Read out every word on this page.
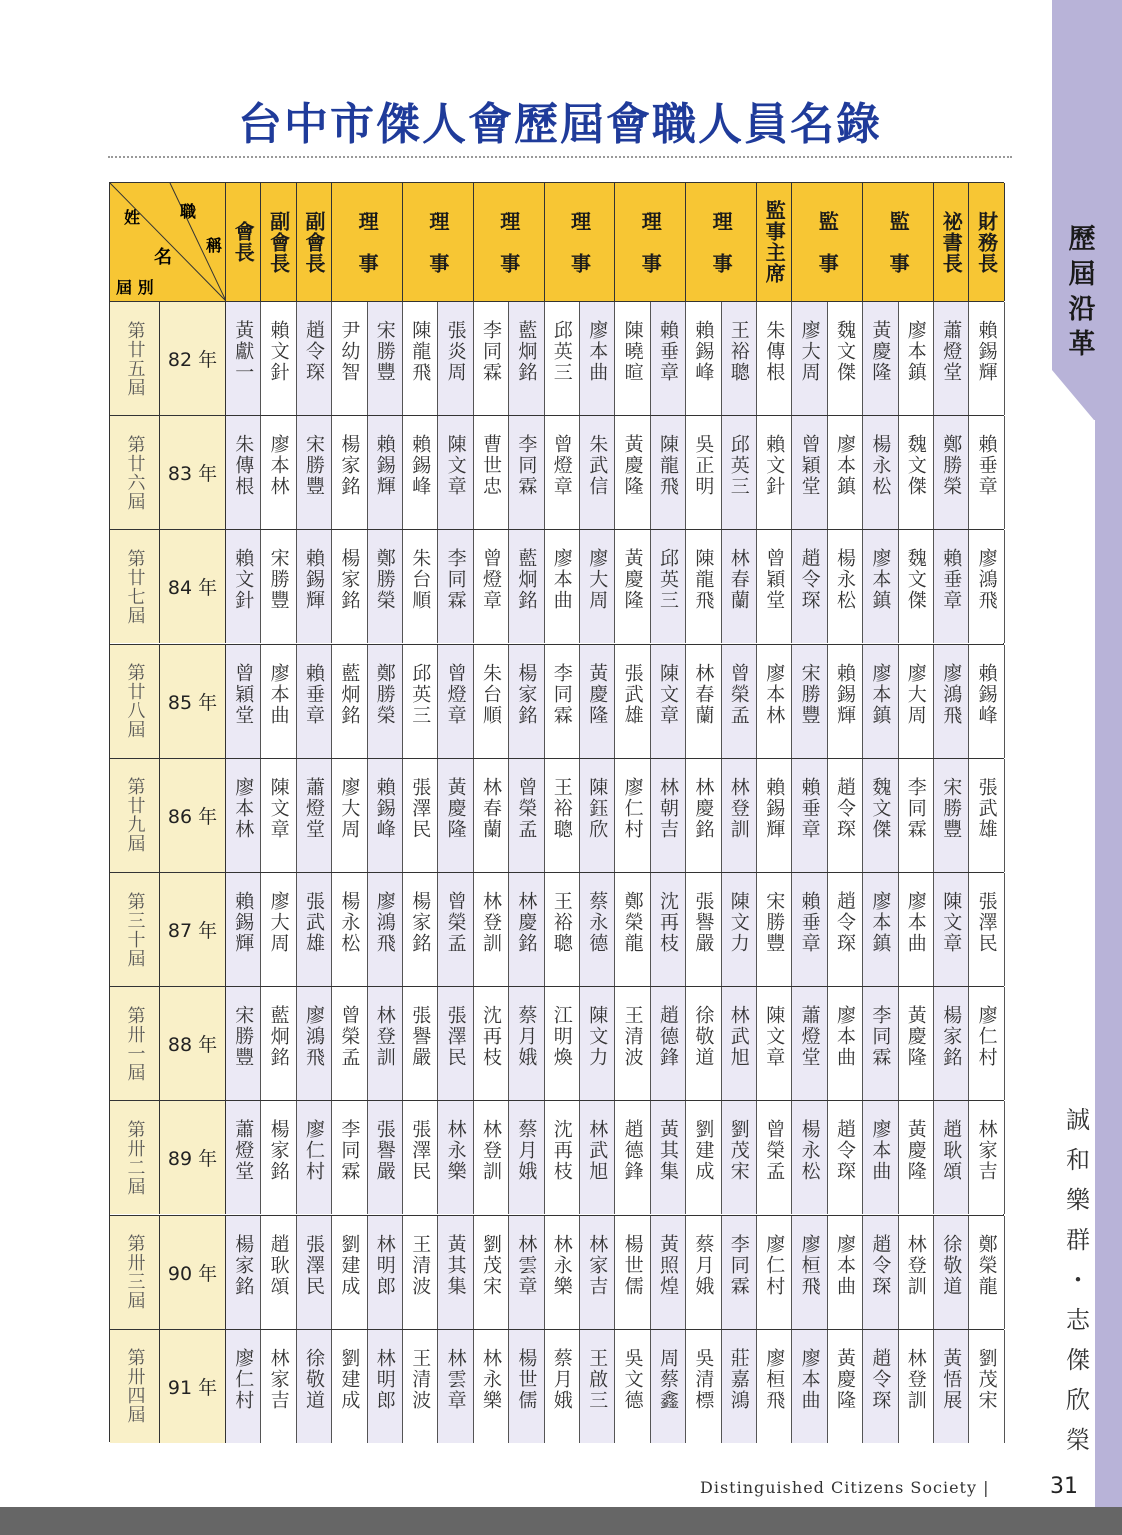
歷屆沿革
誠
和
樂
群
・
志
傑
欣
榮
台中市傑人會歷屆會職人員名錄
姓 職
名
稱
屆 別
會長 副會長 副會長 理　事 理　事 理　事 理　事 理　事 理　事 監事主席 監　事 監　事 祕書長 財務長
第廿五屆	82 年 黃獻一 賴文針 趙令琛 尹幼智 宋勝豐 陳龍飛 張炎周 李同霖 藍炯銘 邱英三 廖本曲 陳曉暄 賴垂章 賴錫峰 王裕聰 朱傳根 廖大周 魏文傑 黃慶隆 廖本鎮 蕭燈堂 賴錫輝
第廿六屆	83 年 朱傳根 廖本林 宋勝豐 楊家銘 賴錫輝 賴錫峰 陳文章 曹世忠 李同霖 曾燈章 朱武信 黃慶隆 陳龍飛 吳正明 邱英三 賴文針 曾穎堂 廖本鎮 楊永松 魏文傑 鄭勝榮 賴垂章
第廿七屆	84 年 賴文針 宋勝豐 賴錫輝 楊家銘 鄭勝榮 朱台順 李同霖 曾燈章 藍炯銘 廖本曲 廖大周 黃慶隆 邱英三 陳龍飛 林春蘭 曾穎堂 趙令琛 楊永松 廖本鎮 魏文傑 賴垂章 廖鴻飛
第廿八屆	85 年 曾穎堂 廖本曲 賴垂章 藍炯銘 鄭勝榮 邱英三 曾燈章 朱台順 楊家銘 李同霖 黃慶隆 張武雄 陳文章 林春蘭 曾榮孟 廖本林 宋勝豐 賴錫輝 廖本鎮 廖大周 廖鴻飛 賴錫峰
第廿九屆	86 年 廖本林 陳文章 蕭燈堂 廖大周 賴錫峰 張澤民 黃慶隆 林春蘭 曾榮孟 王裕聰 陳鈺欣 廖仁村 林朝吉 林慶銘 林登訓 賴錫輝 賴垂章 趙令琛 魏文傑 李同霖 宋勝豐 張武雄
第三十屆	87 年 賴錫輝 廖大周 張武雄 楊永松 廖鴻飛 楊家銘 曾榮孟 林登訓 林慶銘 王裕聰 蔡永德 鄭榮龍 沈再枝 張譽嚴 陳文力 宋勝豐 賴垂章 趙令琛 廖本鎮 廖本曲 陳文章 張澤民
第卅一屆	88 年 宋勝豐 藍炯銘 廖鴻飛 曾榮孟 林登訓 張譽嚴 張澤民 沈再枝 蔡月娥 江明煥 陳文力 王清波 趙德鋒 徐敬道 林武旭 陳文章 蕭燈堂 廖本曲 李同霖 黃慶隆 楊家銘 廖仁村
第卅二屆	89 年 蕭燈堂 楊家銘 廖仁村 李同霖 張譽嚴 張澤民 林永樂 林登訓 蔡月娥 沈再枝 林武旭 趙德鋒 黃其集 劉建成 劉茂宋 曾榮孟 楊永松 趙令琛 廖本曲 黃慶隆 趙耿頌 林家吉
第卅三屆	90 年 楊家銘 趙耿頌 張澤民 劉建成 林明郎 王清波 黃其集 劉茂宋 林雲章 林永樂 林家吉 楊世儒 黃照煌 蔡月娥 李同霖 廖仁村 廖桓飛 廖本曲 趙令琛 林登訓 徐敬道 鄭榮龍
第卅四屆	91 年 廖仁村 林家吉 徐敬道 劉建成 林明郎 王清波 林雲章 林永樂 楊世儒 蔡月娥 王啟三 吳文德 周蔡鑫 吳清標 莊嘉鴻 廖桓飛 廖本曲 黃慶隆 趙令琛 林登訓 黃悟展 劉茂宋
Distinguished Citizens Society |	31
